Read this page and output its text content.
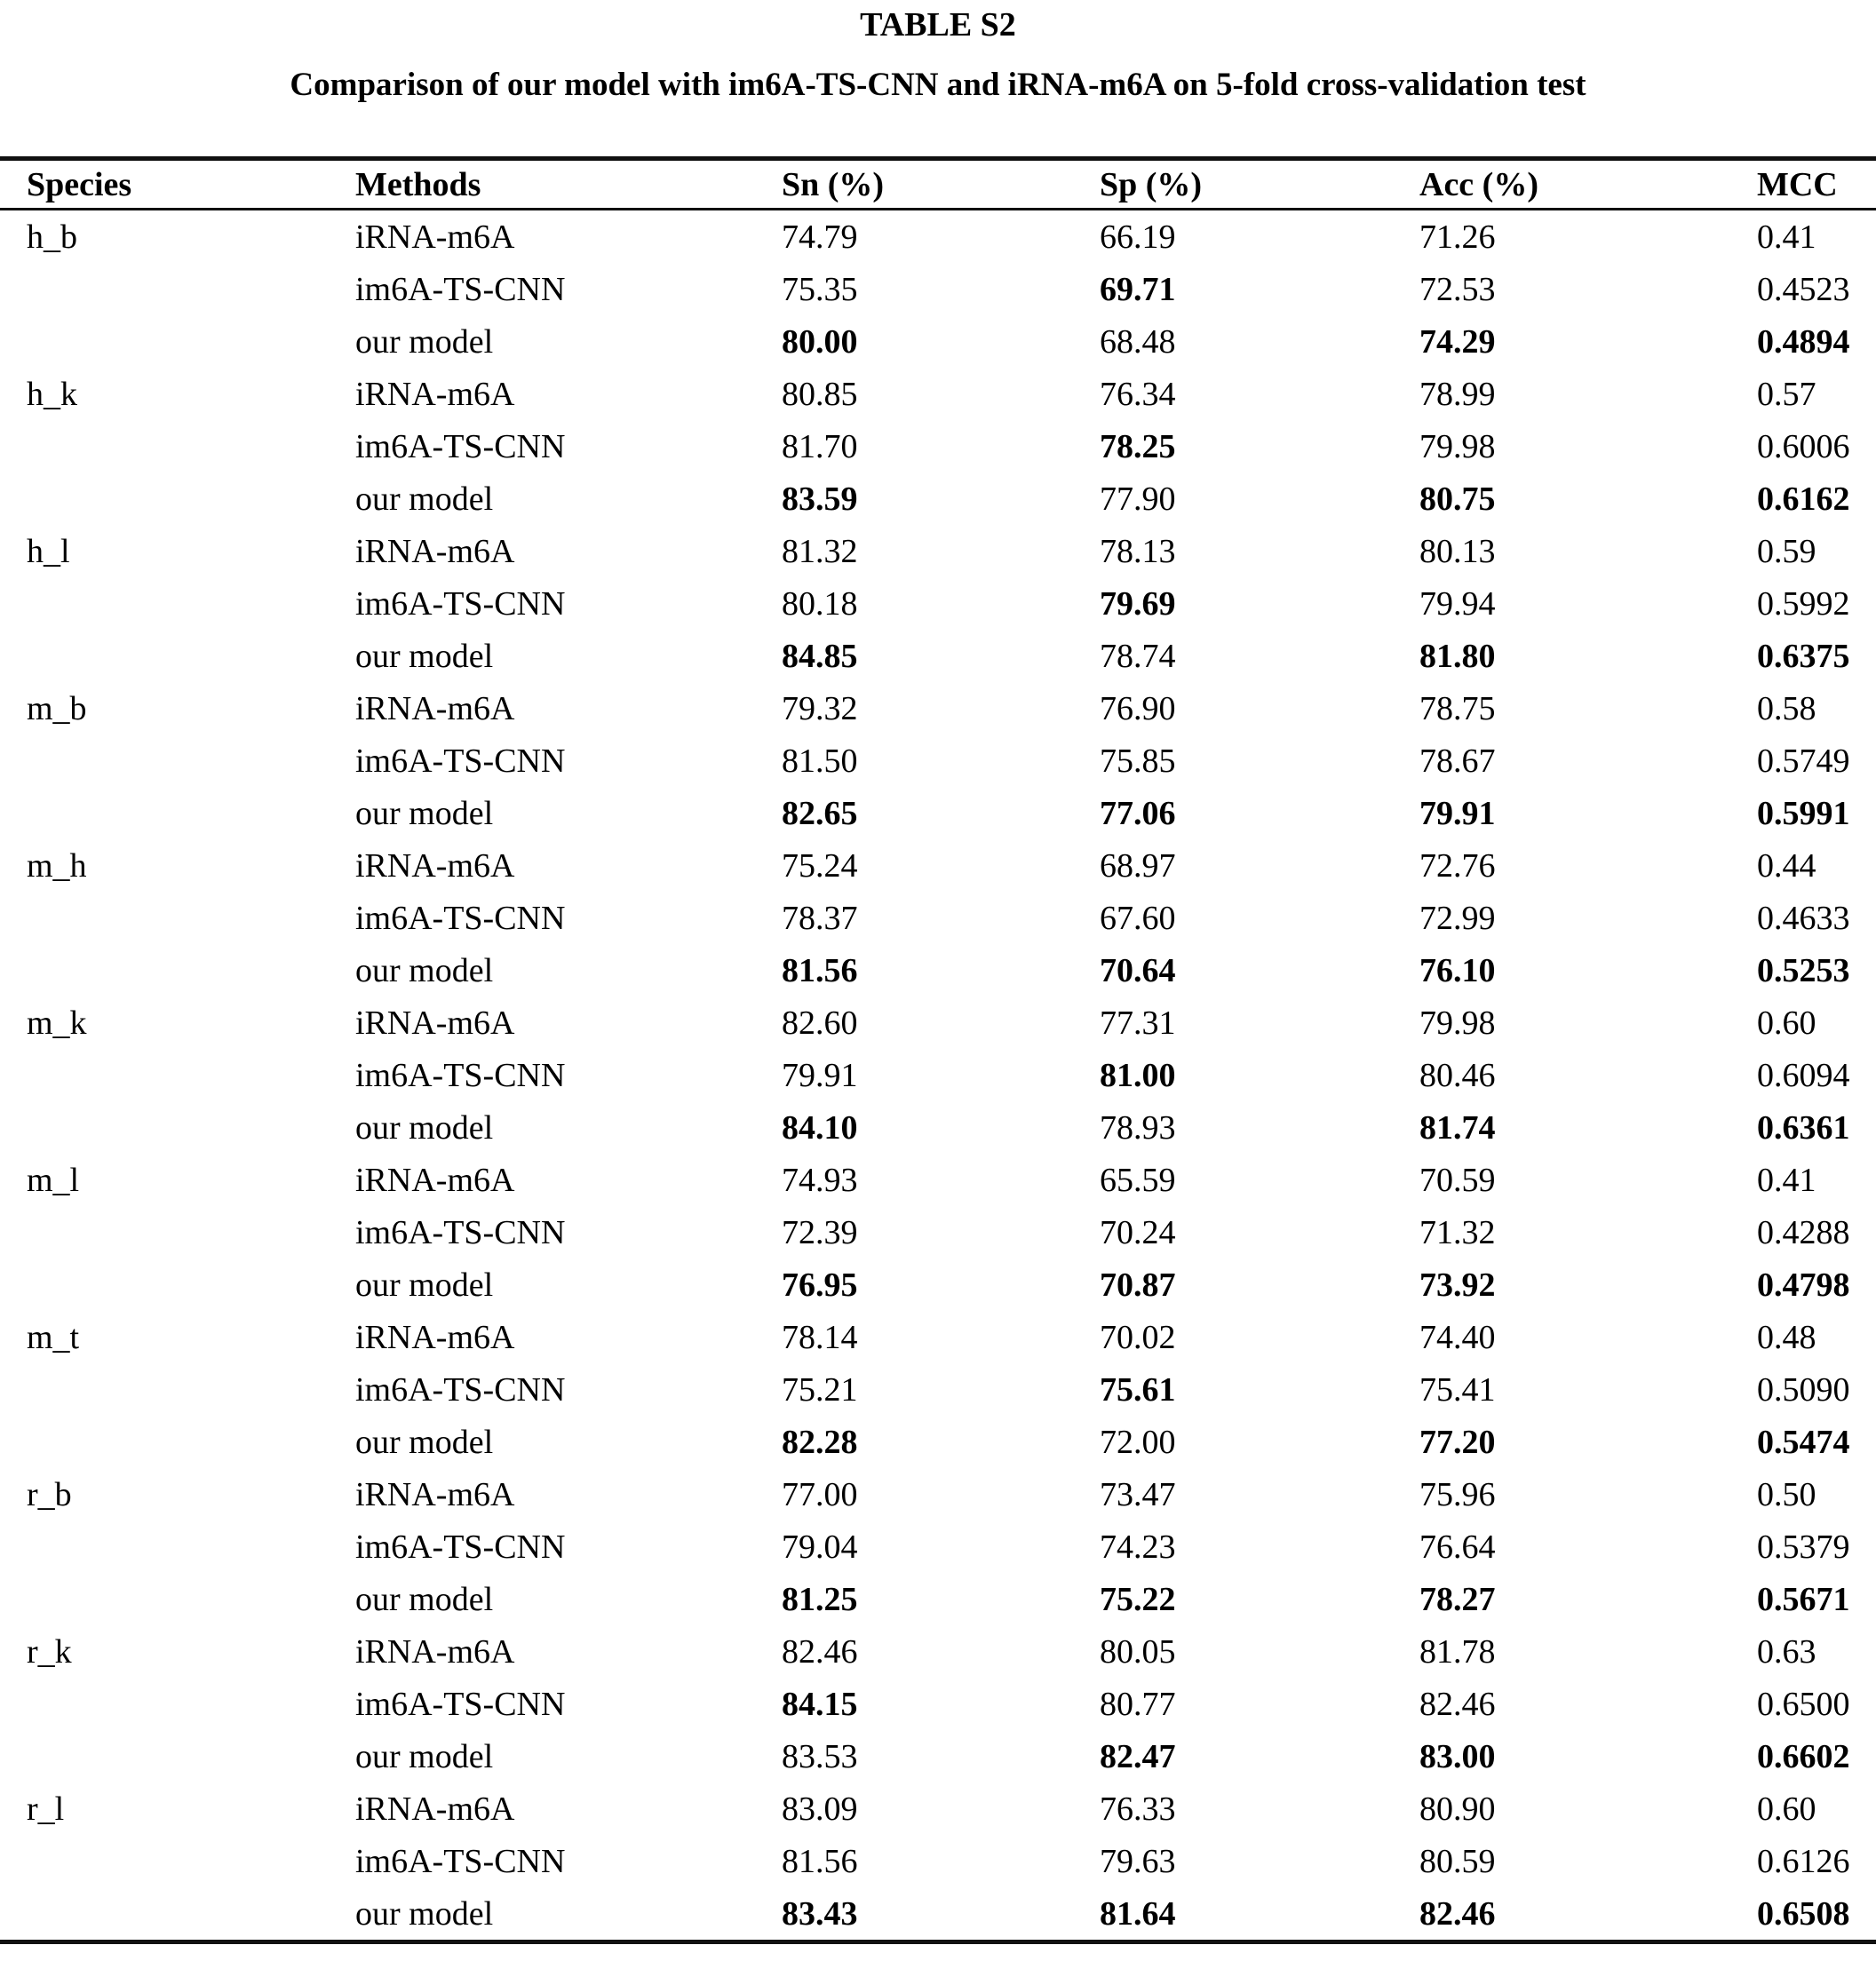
TABLE S2
Comparison of our model with im6A-TS-CNN and iRNA-m6A on 5-fold cross-validation test
Species	Methods	Sn (%)	Sp (%)	Acc (%)	MCC
h_b	iRNA-m6A	74.79	66.19	71.26	0.41
	im6A-TS-CNN	75.35	69.71	72.53	0.4523
	our model	80.00	68.48	74.29	0.4894
h_k	iRNA-m6A	80.85	76.34	78.99	0.57
	im6A-TS-CNN	81.70	78.25	79.98	0.6006
	our model	83.59	77.90	80.75	0.6162
h_l	iRNA-m6A	81.32	78.13	80.13	0.59
	im6A-TS-CNN	80.18	79.69	79.94	0.5992
	our model	84.85	78.74	81.80	0.6375
m_b	iRNA-m6A	79.32	76.90	78.75	0.58
	im6A-TS-CNN	81.50	75.85	78.67	0.5749
	our model	82.65	77.06	79.91	0.5991
m_h	iRNA-m6A	75.24	68.97	72.76	0.44
	im6A-TS-CNN	78.37	67.60	72.99	0.4633
	our model	81.56	70.64	76.10	0.5253
m_k	iRNA-m6A	82.60	77.31	79.98	0.60
	im6A-TS-CNN	79.91	81.00	80.46	0.6094
	our model	84.10	78.93	81.74	0.6361
m_l	iRNA-m6A	74.93	65.59	70.59	0.41
	im6A-TS-CNN	72.39	70.24	71.32	0.4288
	our model	76.95	70.87	73.92	0.4798
m_t	iRNA-m6A	78.14	70.02	74.40	0.48
	im6A-TS-CNN	75.21	75.61	75.41	0.5090
	our model	82.28	72.00	77.20	0.5474
r_b	iRNA-m6A	77.00	73.47	75.96	0.50
	im6A-TS-CNN	79.04	74.23	76.64	0.5379
	our model	81.25	75.22	78.27	0.5671
r_k	iRNA-m6A	82.46	80.05	81.78	0.63
	im6A-TS-CNN	84.15	80.77	82.46	0.6500
	our model	83.53	82.47	83.00	0.6602
r_l	iRNA-m6A	83.09	76.33	80.90	0.60
	im6A-TS-CNN	81.56	79.63	80.59	0.6126
	our model	83.43	81.64	82.46	0.6508
